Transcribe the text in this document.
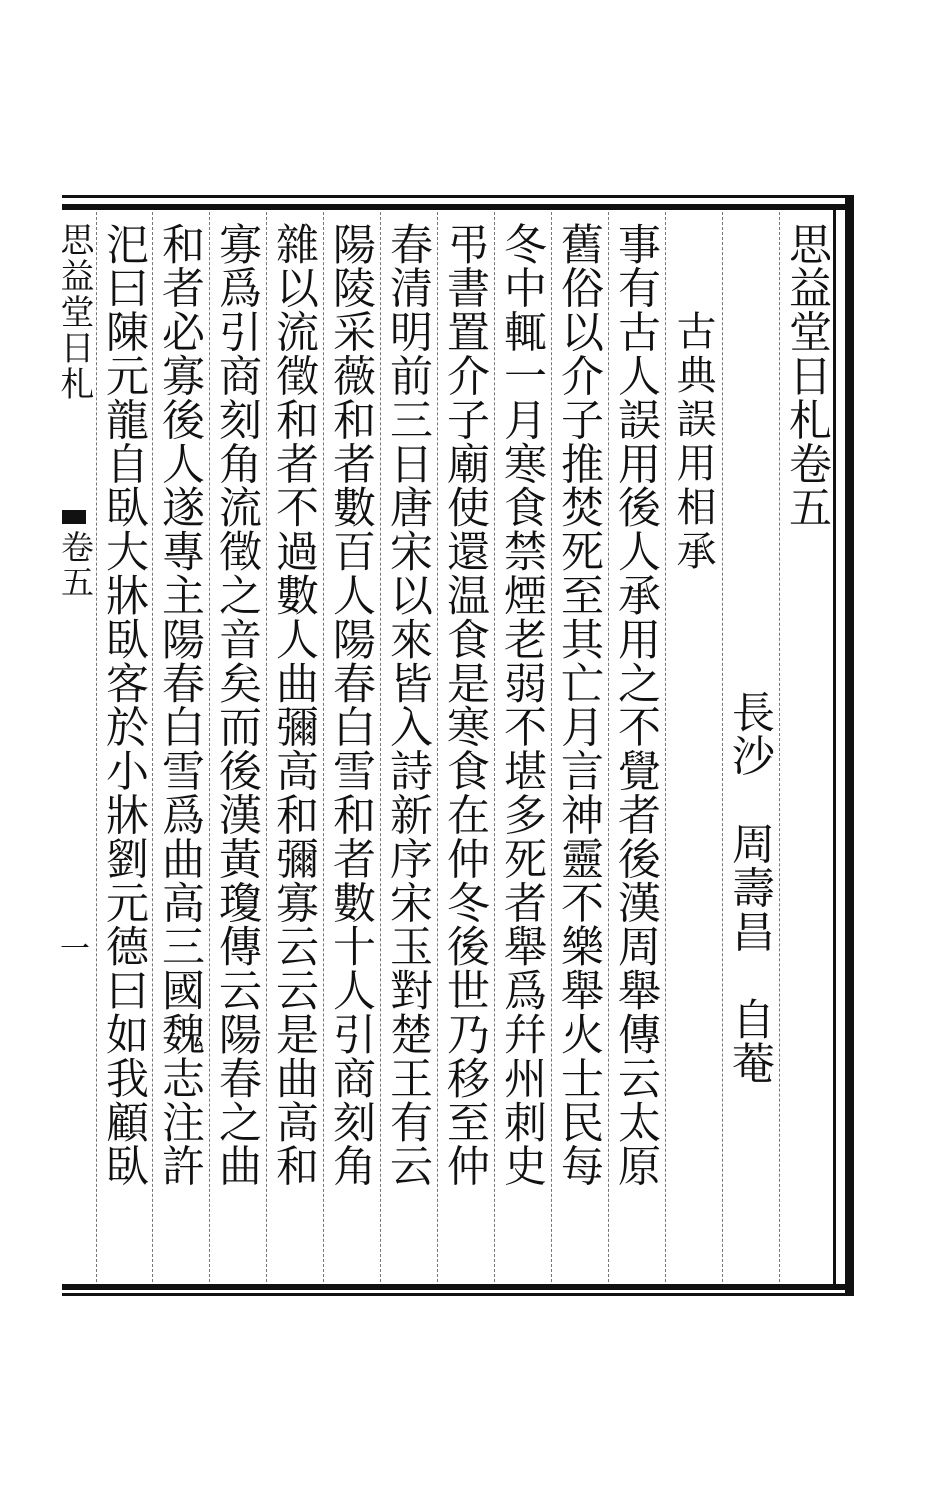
思益堂日札卷五
長沙　周壽昌　自菴
古典誤用相承
事有古人誤用後人承用之不覺者後漢周舉傳云太原
舊俗以介子推焚死至其亡月言神靈不樂舉火士民每
冬中輒一月寒食禁煙老弱不堪多死者舉爲幷州刺史
弔書置介子廟使還温食是寒食在仲冬後世乃移至仲
春清明前三日唐宋以來皆入詩新序宋玉對楚王有云
陽陵采薇和者數百人陽春白雪和者數十人引商刻角
雜以流徵和者不過數人曲彌高和彌寡云云是曲高和
寡爲引商刻角流徵之音矣而後漢黃瓊傳云陽春之曲
和者必寡後人遂專主陽春白雪爲曲高三國魏志注許
汜曰陳元龍自臥大牀臥客於小牀劉元德曰如我顧臥
思益堂日札
卷五
一
